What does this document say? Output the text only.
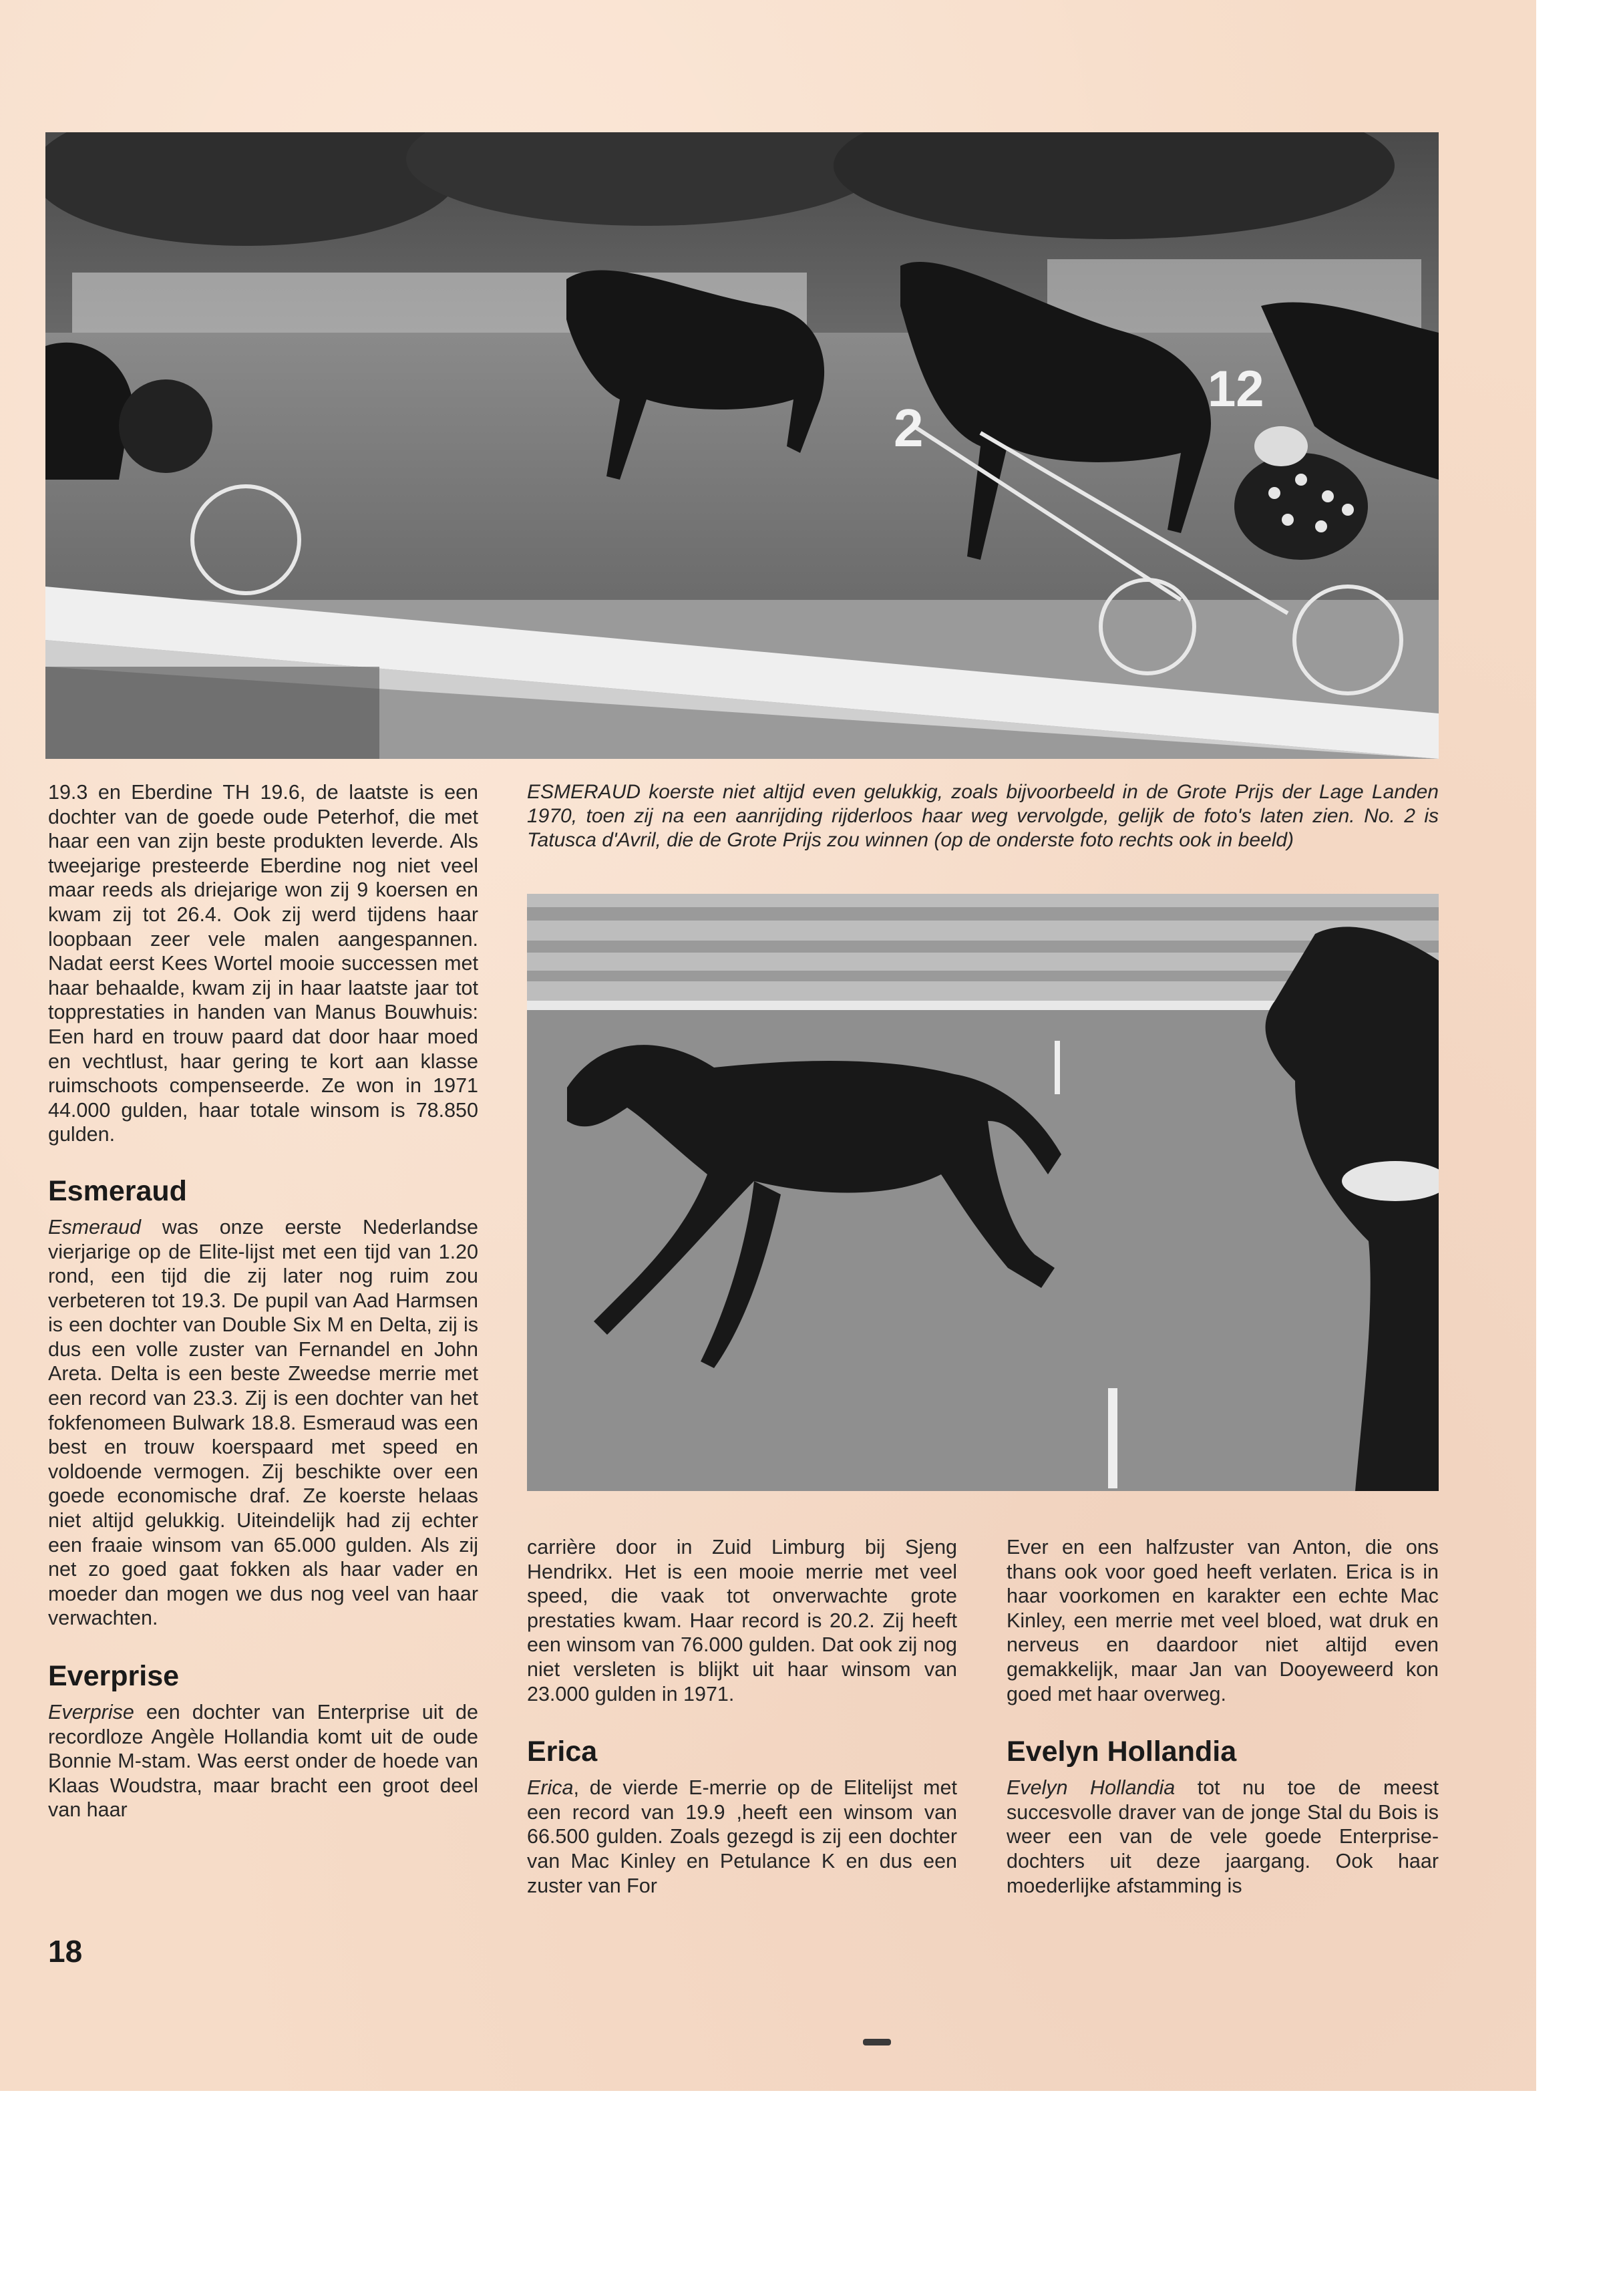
2
12

19.3 en Eberdine TH 19.6, de laatste is een dochter van de goede oude Peterhof, die met haar een van zijn beste produkten leverde. Als tweejarige presteerde Eberdine nog niet veel maar reeds als driejarige won zij 9 koersen en kwam zij tot 26.4. Ook zij werd tijdens haar loopbaan zeer vele malen aangespannen. Nadat eerst Kees Wortel mooie successen met haar behaalde, kwam zij in haar laatste jaar tot topprestaties in handen van Manus Bouwhuis: Een hard en trouw paard dat door haar moed en vechtlust, haar gering te kort aan klasse ruimschoots compenseerde. Ze won in 1971 44.000 gulden, haar totale winsom is 78.850 gulden.

Esmeraud

Esmeraud was onze eerste Nederlandse vierjarige op de Elite-lijst met een tijd van 1.20 rond, een tijd die zij later nog ruim zou verbeteren tot 19.3. De pupil van Aad Harmsen is een dochter van Double Six M en Delta, zij is dus een volle zuster van Fernandel en John Areta. Delta is een beste Zweedse merrie met een record van 23.3. Zij is een dochter van het fokfenomeen Bulwark 18.8. Esmeraud was een best en trouw koerspaard met speed en voldoende vermogen. Zij beschikte over een goede economische draf. Ze koerste helaas niet altijd gelukkig. Uiteindelijk had zij echter een fraaie winsom van 65.000 gulden. Als zij net zo goed gaat fokken als haar vader en moeder dan mogen we dus nog veel van haar verwachten.

Everprise

Everprise een dochter van Enterprise uit de recordloze Angèle Hollandia komt uit de oude Bonnie M-stam. Was eerst onder de hoede van Klaas Woudstra, maar bracht een groot deel van haar

ESMERAUD koerste niet altijd even gelukkig, zoals bijvoorbeeld in de Grote Prijs der Lage Landen 1970, toen zij na een aanrijding rijderloos haar weg vervolgde, gelijk de foto's laten zien. No. 2 is Tatusca d'Avril, die de Grote Prijs zou winnen (op de onderste foto rechts ook in beeld)

carrière door in Zuid Limburg bij Sjeng Hendrikx. Het is een mooie merrie met veel speed, die vaak tot onverwachte grote prestaties kwam. Haar record is 20.2. Zij heeft een winsom van 76.000 gulden. Dat ook zij nog niet versleten is blijkt uit haar winsom van 23.000 gulden in 1971.

Erica

Erica, de vierde E-merrie op de Elitelijst met een record van 19.9 ,heeft een winsom van 66.500 gulden. Zoals gezegd is zij een dochter van Mac Kinley en Petulance K en dus een zuster van For

Ever en een halfzuster van Anton, die ons thans ook voor goed heeft verlaten. Erica is in haar voorkomen en karakter een echte Mac Kinley, een merrie met veel bloed, wat druk en nerveus en daardoor niet altijd even gemakkelijk, maar Jan van Dooyeweerd kon goed met haar overweg.

Evelyn Hollandia

Evelyn Hollandia tot nu toe de meest succesvolle draver van de jonge Stal du Bois is weer een van de vele goede Enterprise-dochters uit deze jaargang. Ook haar moederlijke afstamming is

18
